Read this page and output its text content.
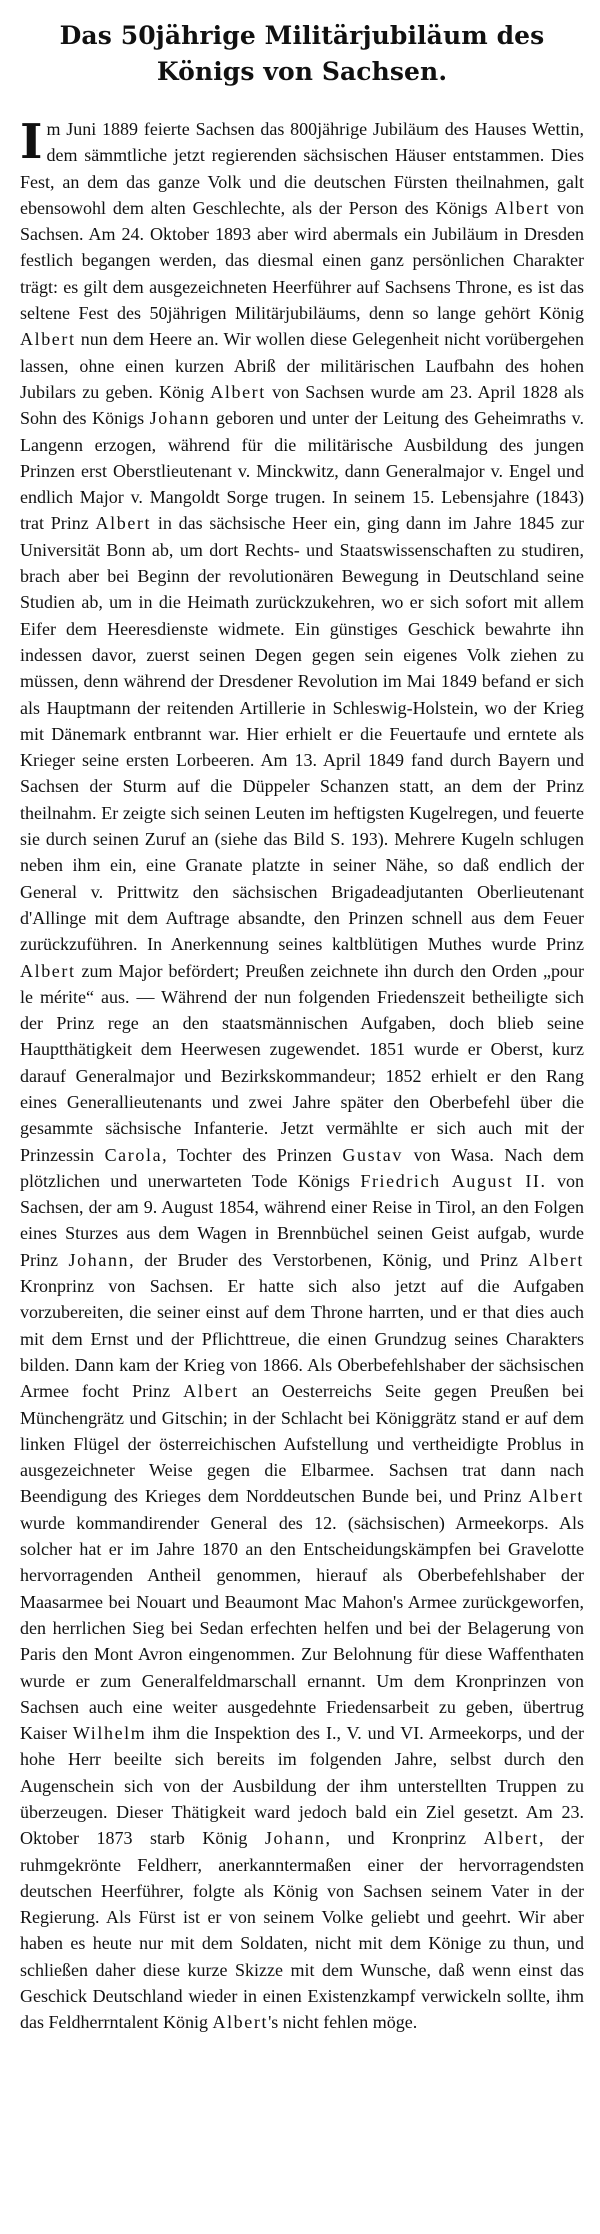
Das 50jährige Militärjubiläum des Königs von Sachsen.

Im Juni 1889 feierte Sachsen das 800jährige Jubiläum des Hauses Wettin, dem sämmtliche jetzt regierenden sächsischen Häuser entstammen. Dies Fest, an dem das ganze Volk und die deutschen Fürsten theilnahmen, galt ebensowohl dem alten Geschlechte, als der Person des Königs Albert von Sachsen. Am 24. Oktober 1893 aber wird abermals ein Jubiläum in Dresden festlich begangen werden, das diesmal einen ganz persönlichen Charakter trägt: es gilt dem ausgezeichneten Heerführer auf Sachsens Throne, es ist das seltene Fest des 50jährigen Militärjubiläums, denn so lange gehört König Albert nun dem Heere an. Wir wollen diese Gelegenheit nicht vorübergehen lassen, ohne einen kurzen Abriß der militärischen Laufbahn des hohen Jubilars zu geben. König Albert von Sachsen wurde am 23. April 1828 als Sohn des Königs Johann geboren und unter der Leitung des Geheimraths v. Langenn erzogen, während für die militärische Ausbildung des jungen Prinzen erst Oberstlieutenant v. Minckwitz, dann Generalmajor v. Engel und endlich Major v. Mangoldt Sorge trugen. In seinem 15. Lebensjahre (1843) trat Prinz Albert in das sächsische Heer ein, ging dann im Jahre 1845 zur Universität Bonn ab, um dort Rechts- und Staatswissenschaften zu studiren, brach aber bei Beginn der revolutionären Bewegung in Deutschland seine Studien ab, um in die Heimath zurückzukehren, wo er sich sofort mit allem Eifer dem Heeresdienste widmete. Ein günstiges Geschick bewahrte ihn indessen davor, zuerst seinen Degen gegen sein eigenes Volk ziehen zu müssen, denn während der Dresdener Revolution im Mai 1849 befand er sich als Hauptmann der reitenden Artillerie in Schleswig-Holstein, wo der Krieg mit Dänemark entbrannt war. Hier erhielt er die Feuertaufe und erntete als Krieger seine ersten Lorbeeren. Am 13. April 1849 fand durch Bayern und Sachsen der Sturm auf die Düppeler Schanzen statt, an dem der Prinz theilnahm. Er zeigte sich seinen Leuten im heftigsten Kugelregen, und feuerte sie durch seinen Zuruf an (siehe das Bild S. 193). Mehrere Kugeln schlugen neben ihm ein, eine Granate platzte in seiner Nähe, so daß endlich der General v. Prittwitz den sächsischen Brigadeadjutanten Oberlieutenant d'Allinge mit dem Auftrage absandte, den Prinzen schnell aus dem Feuer zurückzuführen. In Anerkennung seines kaltblütigen Muthes wurde Prinz Albert zum Major befördert; Preußen zeichnete ihn durch den Orden „pour le mérite“ aus. — Während der nun folgenden Friedenszeit betheiligte sich der Prinz rege an den staatsmännischen Aufgaben, doch blieb seine Hauptthätigkeit dem Heerwesen zugewendet. 1851 wurde er Oberst, kurz darauf Generalmajor und Bezirkskommandeur; 1852 erhielt er den Rang eines Generallieutenants und zwei Jahre später den Oberbefehl über die gesammte sächsische Infanterie. Jetzt vermählte er sich auch mit der Prinzessin Carola, Tochter des Prinzen Gustav von Wasa. Nach dem plötzlichen und unerwarteten Tode Königs Friedrich August II. von Sachsen, der am 9. August 1854, während einer Reise in Tirol, an den Folgen eines Sturzes aus dem Wagen in Brennbüchel seinen Geist aufgab, wurde Prinz Johann, der Bruder des Verstorbenen, König, und Prinz Albert Kronprinz von Sachsen. Er hatte sich also jetzt auf die Aufgaben vorzubereiten, die seiner einst auf dem Throne harrten, und er that dies auch mit dem Ernst und der Pflichttreue, die einen Grundzug seines Charakters bilden. Dann kam der Krieg von 1866. Als Oberbefehlshaber der sächsischen Armee focht Prinz Albert an Oesterreichs Seite gegen Preußen bei Münchengrätz und Gitschin; in der Schlacht bei Königgrätz stand er auf dem linken Flügel der österreichischen Aufstellung und vertheidigte Problus in ausgezeichneter Weise gegen die Elbarmee. Sachsen trat dann nach Beendigung des Krieges dem Norddeutschen Bunde bei, und Prinz Albert wurde kommandirender General des 12. (sächsischen) Armeekorps. Als solcher hat er im Jahre 1870 an den Entscheidungskämpfen bei Gravelotte hervorragenden Antheil genommen, hierauf als Oberbefehlshaber der Maasarmee bei Nouart und Beaumont Mac Mahon's Armee zurückgeworfen, den herrlichen Sieg bei Sedan erfechten helfen und bei der Belagerung von Paris den Mont Avron eingenommen. Zur Belohnung für diese Waffenthaten wurde er zum Generalfeldmarschall ernannt. Um dem Kronprinzen von Sachsen auch eine weiter ausgedehnte Friedensarbeit zu geben, übertrug Kaiser Wilhelm ihm die Inspektion des I., V. und VI. Armeekorps, und der hohe Herr beeilte sich bereits im folgenden Jahre, selbst durch den Augenschein sich von der Ausbildung der ihm unterstellten Truppen zu überzeugen. Dieser Thätigkeit ward jedoch bald ein Ziel gesetzt. Am 23. Oktober 1873 starb König Johann, und Kronprinz Albert, der ruhmgekrönte Feldherr, anerkanntermaßen einer der hervorragendsten deutschen Heerführer, folgte als König von Sachsen seinem Vater in der Regierung. Als Fürst ist er von seinem Volke geliebt und geehrt. Wir aber haben es heute nur mit dem Soldaten, nicht mit dem Könige zu thun, und schließen daher diese kurze Skizze mit dem Wunsche, daß wenn einst das Geschick Deutschland wieder in einen Existenzkampf verwickeln sollte, ihm das Feldherrntalent König Albert's nicht fehlen möge.
